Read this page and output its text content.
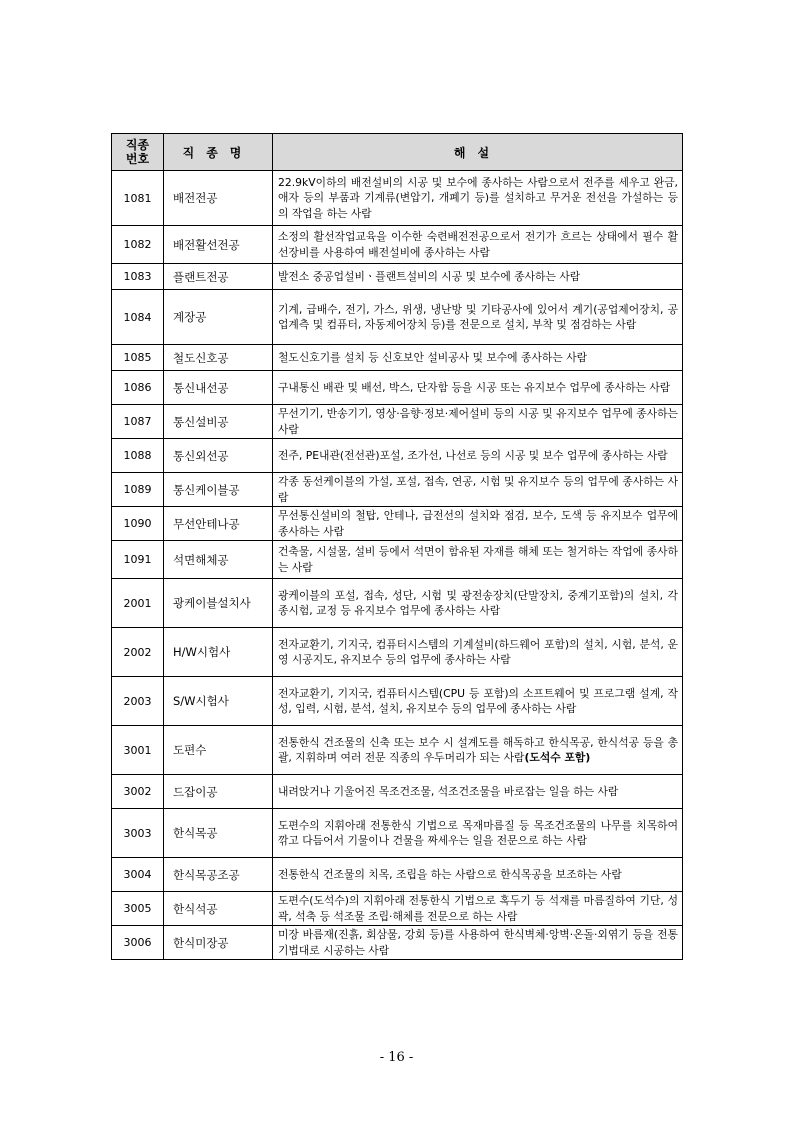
직종
번호	직종명	해설
1081	배전전공	22.9kV이하의 배전설비의 시공 및 보수에 종사하는 사람으로서 전주를 세우고 완금, 애자 등의 부품과 기계류(변압기, 개폐기 등)를 설치하고 무거운 전선을 가설하는 등의 작업을 하는 사람
1082	배전활선전공	소정의 활선작업교육을 이수한 숙련배전전공으로서 전기가 흐르는 상태에서 필수 활선장비를 사용하여 배전설비에 종사하는 사람
1083	플랜트전공	발전소 중공업설비ㆍ플랜트설비의 시공 및 보수에 종사하는 사람
1084	계장공	기계, 급배수, 전기, 가스, 위생, 냉난방 및 기타공사에 있어서 계기(공업제어장치, 공업계측 및 컴퓨터, 자동제어장치 등)를 전문으로 설치, 부착 및 점검하는 사람
1085	철도신호공	철도신호기를 설치 등 신호보안 설비공사 및 보수에 종사하는 사람
1086	통신내선공	구내통신 배관 및 배선, 박스, 단자함 등을 시공 또는 유지보수 업무에 종사하는 사람
1087	통신설비공	무선기기, 반송기기, 영상·음향·정보·제어설비 등의 시공 및 유지보수 업무에 종사하는 사람
1088	통신외선공	전주, PE내관(전선관)포설, 조가선, 나선로 등의 시공 및 보수 업무에 종사하는 사람
1089	통신케이블공	각종 동선케이블의 가설, 포설, 접속, 연공, 시험 및 유지보수 등의 업무에 종사하는 사람
1090	무선안테나공	무선통신설비의 철탑, 안테나, 급전선의 설치와 점검, 보수, 도색 등 유지보수 업무에 종사하는 사람
1091	석면해체공	건축물, 시설물, 설비 등에서 석면이 함유된 자재를 해체 또는 철거하는 작업에 종사하는 사람
2001	광케이블설치사	광케이블의 포설, 접속, 성단, 시험 및 광전송장치(단말장치, 중계기포함)의 설치, 각종시험, 교정 등 유지보수 업무에 종사하는 사람
2002	H/W시험사	전자교환기, 기지국, 컴퓨터시스템의 기계설비(하드웨어 포함)의 설치, 시험, 분석, 운영 시공지도, 유지보수 등의 업무에 종사하는 사람
2003	S/W시험사	전자교환기, 기지국, 컴퓨터시스템(CPU 등 포함)의 소프트웨어 및 프로그램 설계, 작성, 입력, 시험, 분석, 설치, 유지보수 등의 업무에 종사하는 사람
3001	도편수	전통한식 건조물의 신축 또는 보수 시 설계도를 해독하고 한식목공, 한식석공 등을 총괄, 지휘하며 여러 전문 직종의 우두머리가 되는 사람(도석수 포함)
3002	드잡이공	내려앉거나 기울어진 목조건조물, 석조건조물을 바로잡는 일을 하는 사람
3003	한식목공	도편수의 지휘아래 전통한식 기법으로 목재마름질 등 목조건조물의 나무를 치목하여 깎고 다듬어서 기물이나 건물을 짜세우는 일을 전문으로 하는 사람
3004	한식목공조공	전통한식 건조물의 치목, 조립을 하는 사람으로 한식목공을 보조하는 사람
3005	한식석공	도편수(도석수)의 지휘아래 전통한식 기법으로 혹두기 등 석재를 마름질하여 기단, 성곽, 석축 등 석조물 조립·해체를 전문으로 하는 사람
3006	한식미장공	미장 바름재(진흙, 회삼물, 강회 등)를 사용하여 한식벽체·앙벽·온돌·외엮기 등을 전통기법대로 시공하는 사람
- 16 -
